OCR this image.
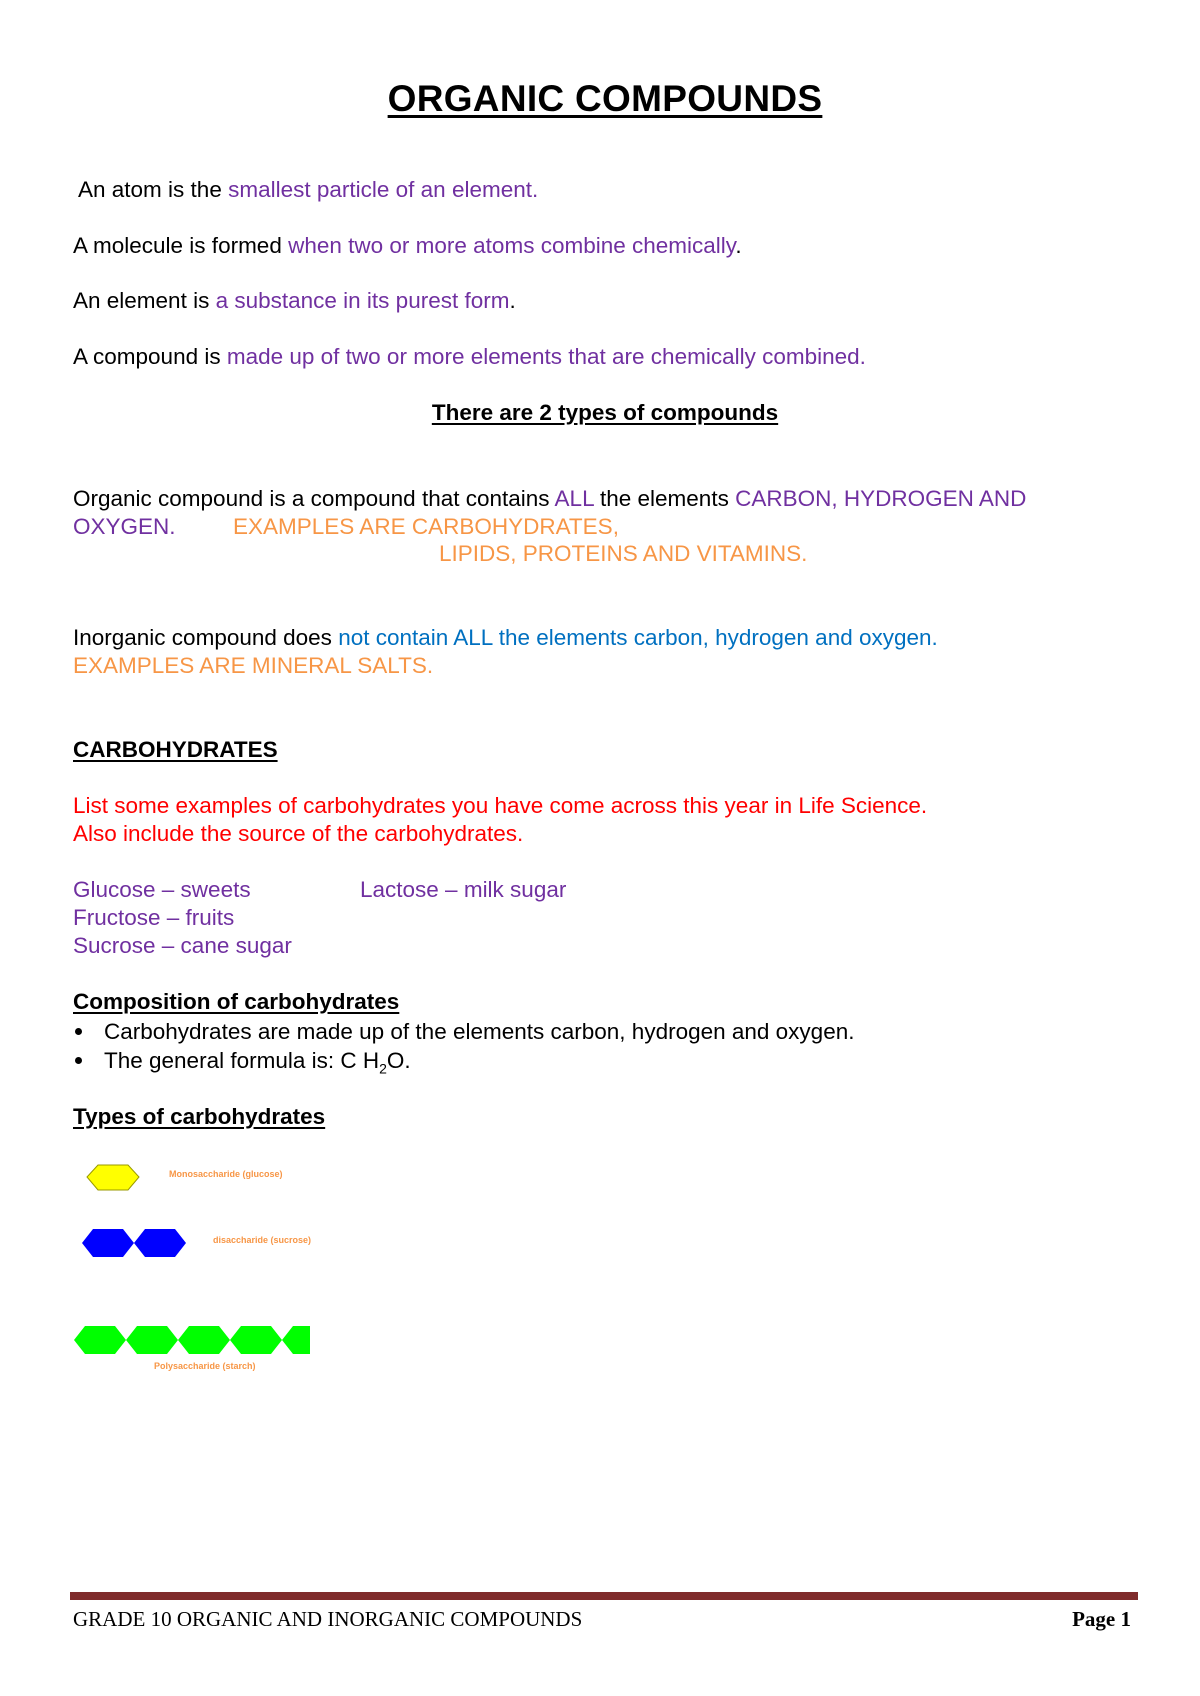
ORGANIC COMPOUNDS
An atom is the smallest particle of an element.
A molecule is formed when two or more atoms combine chemically.
An element is a substance in its purest form.
A compound is made up of two or more elements that are chemically combined.
There are 2 types of compounds
Organic compound is a compound that contains ALL the elements CARBON, HYDROGEN AND
OXYGEN.	EXAMPLES ARE CARBOHYDRATES,
LIPIDS, PROTEINS AND VITAMINS.
Inorganic compound does not contain ALL the elements carbon, hydrogen and oxygen.
EXAMPLES ARE MINERAL SALTS.
CARBOHYDRATES
List some examples of carbohydrates you have come across this year in Life Science.
Also include the source of the carbohydrates.
Glucose – sweets	Lactose – milk sugar
Fructose – fruits
Sucrose – cane sugar
Composition of carbohydrates
Carbohydrates are made up of the elements carbon, hydrogen and oxygen.
The general formula is: C $H_2O$.
Types of carbohydrates
Monosaccharide (glucose)
disaccharide (sucrose)
Polysaccharide (starch)
GRADE 10 ORGANIC AND INORGANIC COMPOUNDS	Page 1
